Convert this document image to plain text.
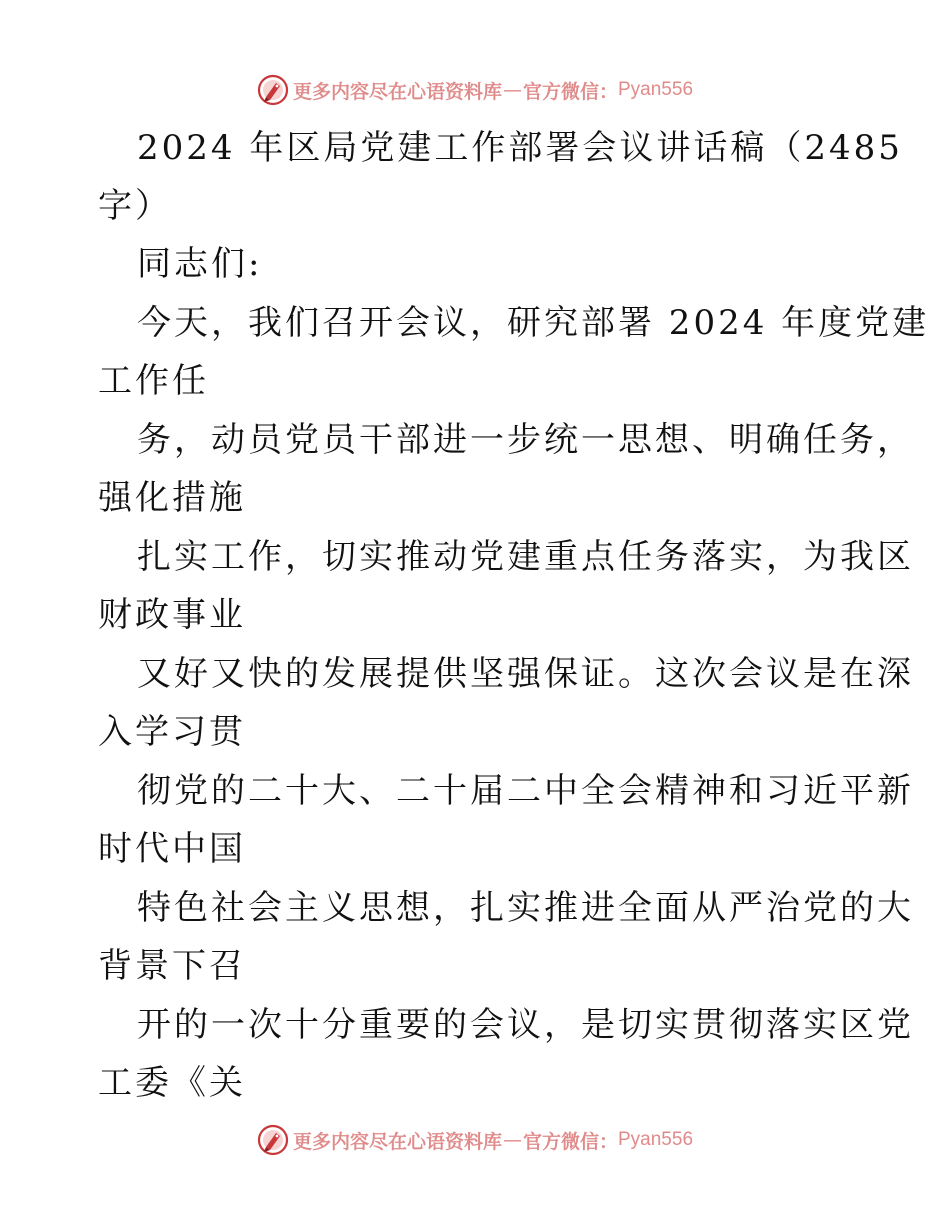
更多内容尽在心语资料库 — 官方微信： Pyan556
2024 年区局党建工作部署会议讲话稿（2485
字）
同志们:
今天，我们召开会议，研究部署 2024 年度党建
工作任
务，动员党员干部进一步统一思想、明确任务，
强化措施
扎实工作，切实推动党建重点任务落实，为我区
财政事业
又好又快的发展提供坚强保证。这次会议是在深
入学习贯
彻党的二十大、二十届二中全会精神和习近平新
时代中国
特色社会主义思想，扎实推进全面从严治党的大
背景下召
开的一次十分重要的会议，是切实贯彻落实区党
工委《关
更多内容尽在心语资料库 — 官方微信： Pyan556
